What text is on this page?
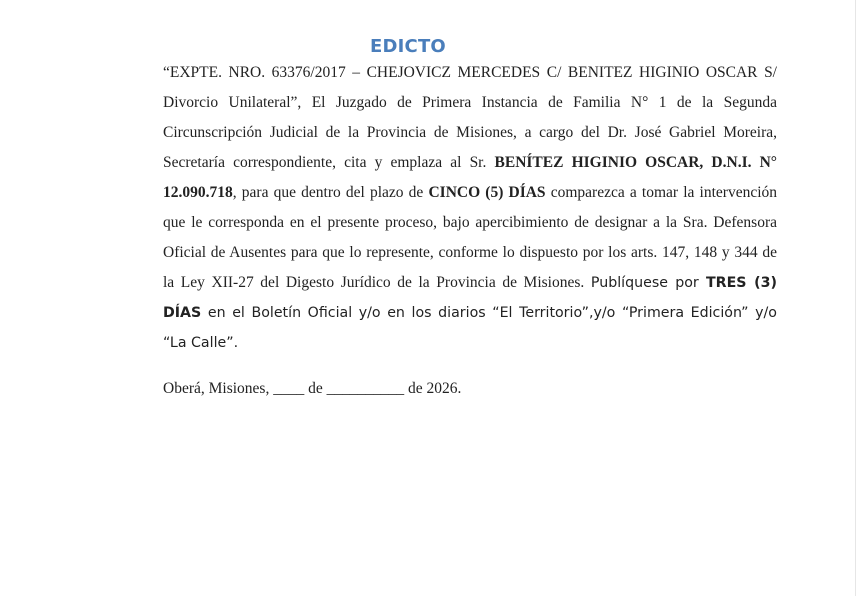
EDICTO

“EXPTE. NRO. 63376/2017 – CHEJOVICZ MERCEDES C/ BENITEZ HIGINIO OSCAR S/ Divorcio Unilateral”, El Juzgado de Primera Instancia de Familia N° 1 de la Segunda Circunscripción Judicial de la Provincia de Misiones, a cargo del Dr. José Gabriel Moreira, Secretaría correspondiente, cita y emplaza al Sr. BENÍTEZ HIGINIO OSCAR, D.N.I. N° 12.090.718, para que dentro del plazo de CINCO (5) DÍAS comparezca a tomar la intervención que le corresponda en el presente proceso, bajo apercibimiento de designar a la Sra. Defensora Oficial de Ausentes para que lo represente, conforme lo dispuesto por los arts. 147, 148 y 344 de la Ley XII-27 del Digesto Jurídico de la Provincia de Misiones. Publíquese por TRES (3) DÍAS en el Boletín Oficial y/o en los diarios “El Territorio”,y/o “Primera Edición” y/o “La Calle”.

Oberá, Misiones, ____ de __________ de 2026.
